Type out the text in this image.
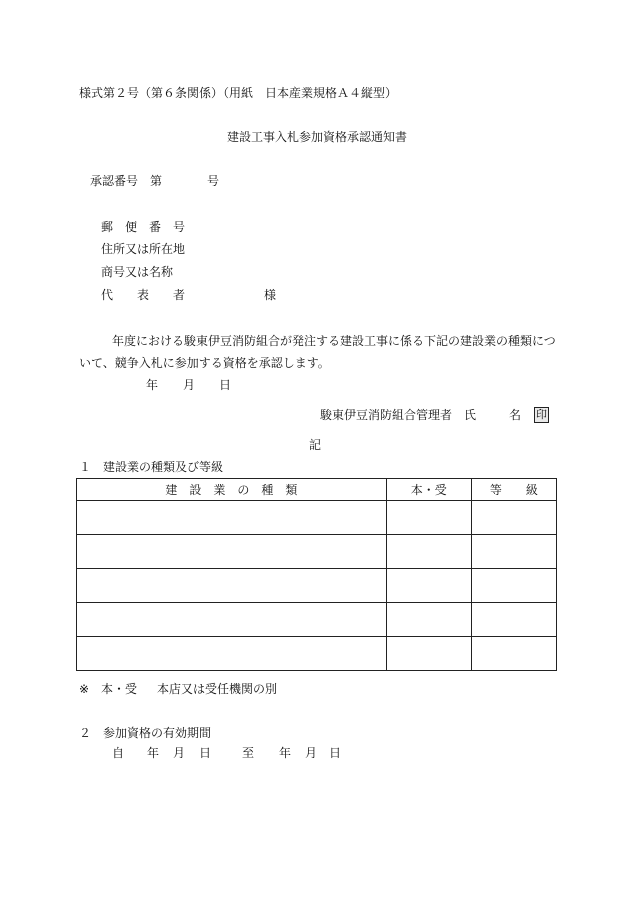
様式第２号（第６条関係）（用紙　日本産業規格Ａ４縦型）
建設工事入札参加資格承認通知書
承認番号　第	号
郵　便　番　号
住所又は所在地
商号又は名称
代　　表　　者	様
年度における駿東伊豆消防組合が発注する建設工事に係る下記の建設業の種類につ
いて、競争入札に参加する資格を承認します。
年 月 日
駿東伊豆消防組合管理者　氏	名 印
記
１　建設業の種類及び等級
建　設　業　の　種　類	本・受	等　　級

※ 本・受 本店又は受任機関の別
２　参加資格の有効期間
自 年 月 日	至 年 月 日
